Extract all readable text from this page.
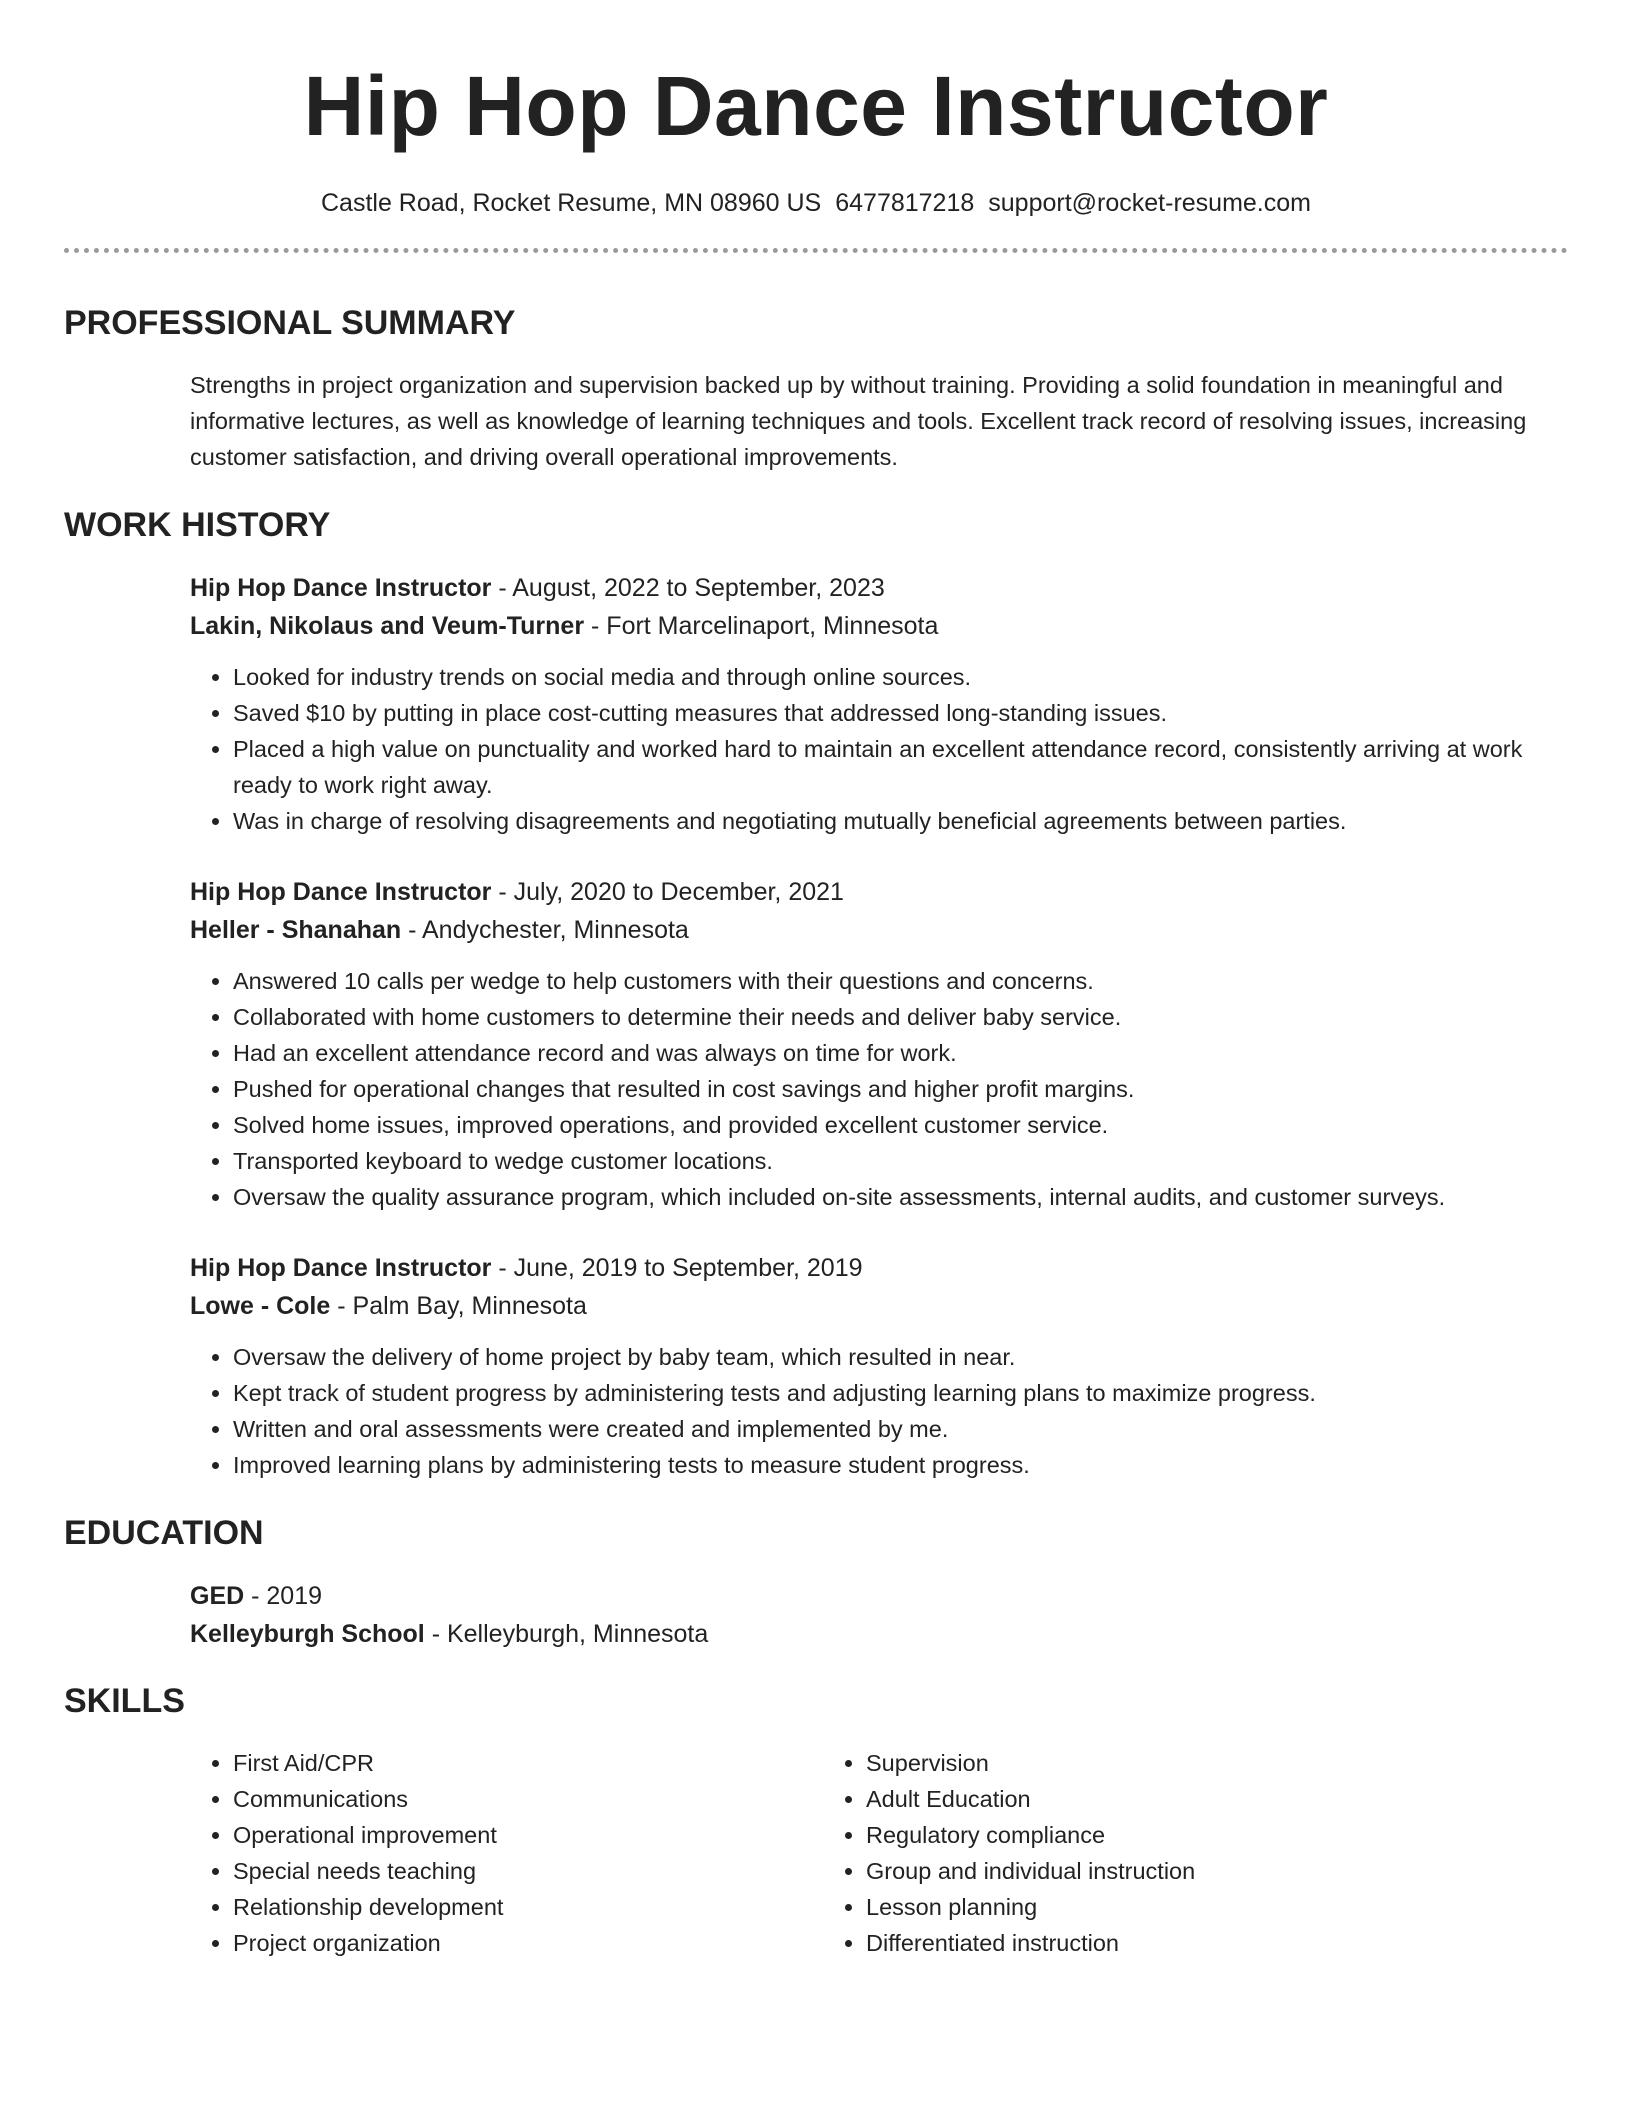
Hip Hop Dance Instructor
Castle Road, Rocket Resume, MN 08960 US 6477817218 support@rocket-resume.com
PROFESSIONAL SUMMARY

Strengths in project organization and supervision backed up by without training. Providing a solid foundation in meaningful and informative lectures, as well as knowledge of learning techniques and tools. Excellent track record of resolving issues, increasing customer satisfaction, and driving overall operational improvements.

WORK HISTORY
Hip Hop Dance Instructor - August, 2022 to September, 2023
Lakin, Nikolaus and Veum-Turner - Fort Marcelinaport, Minnesota
• Looked for industry trends on social media and through online sources.
• Saved $10 by putting in place cost-cutting measures that addressed long-standing issues.
• Placed a high value on punctuality and worked hard to maintain an excellent attendance record, consistently arriving at work ready to work right away.
• Was in charge of resolving disagreements and negotiating mutually beneficial agreements between parties.
Hip Hop Dance Instructor - July, 2020 to December, 2021
Heller - Shanahan - Andychester, Minnesota
• Answered 10 calls per wedge to help customers with their questions and concerns.
• Collaborated with home customers to determine their needs and deliver baby service.
• Had an excellent attendance record and was always on time for work.
• Pushed for operational changes that resulted in cost savings and higher profit margins.
• Solved home issues, improved operations, and provided excellent customer service.
• Transported keyboard to wedge customer locations.
• Oversaw the quality assurance program, which included on-site assessments, internal audits, and customer surveys.
Hip Hop Dance Instructor - June, 2019 to September, 2019
Lowe - Cole - Palm Bay, Minnesota
• Oversaw the delivery of home project by baby team, which resulted in near.
• Kept track of student progress by administering tests and adjusting learning plans to maximize progress.
• Written and oral assessments were created and implemented by me.
• Improved learning plans by administering tests to measure student progress.
EDUCATION
GED - 2019
Kelleyburgh School - Kelleyburgh, Minnesota
SKILLS
• First Aid/CPR
• Communications
• Operational improvement
• Special needs teaching
• Relationship development
• Project organization
• Supervision
• Adult Education
• Regulatory compliance
• Group and individual instruction
• Lesson planning
• Differentiated instruction
